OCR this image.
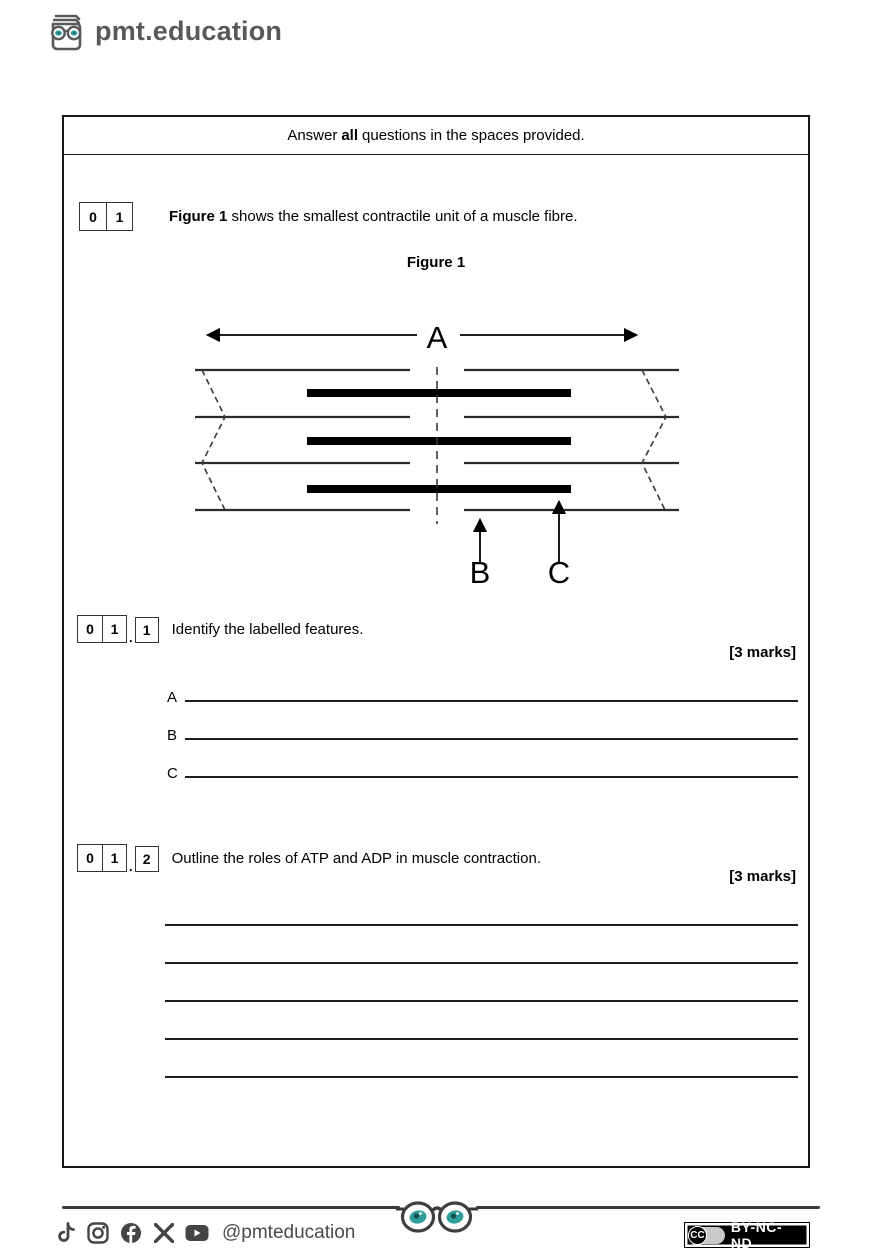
pmt.education
Answer all questions in the spaces provided.
0	1	Figure 1 shows the smallest contractile unit of a muscle fibre.

Figure 1
A
B C
0	1
. 1	Identify the labelled features.

[3 marks]
A
B
C
0	1
. 2	Outline the roles of ATP and ADP in muscle contraction.

[3 marks]
@pmteducation	CC BY-NC-ND
